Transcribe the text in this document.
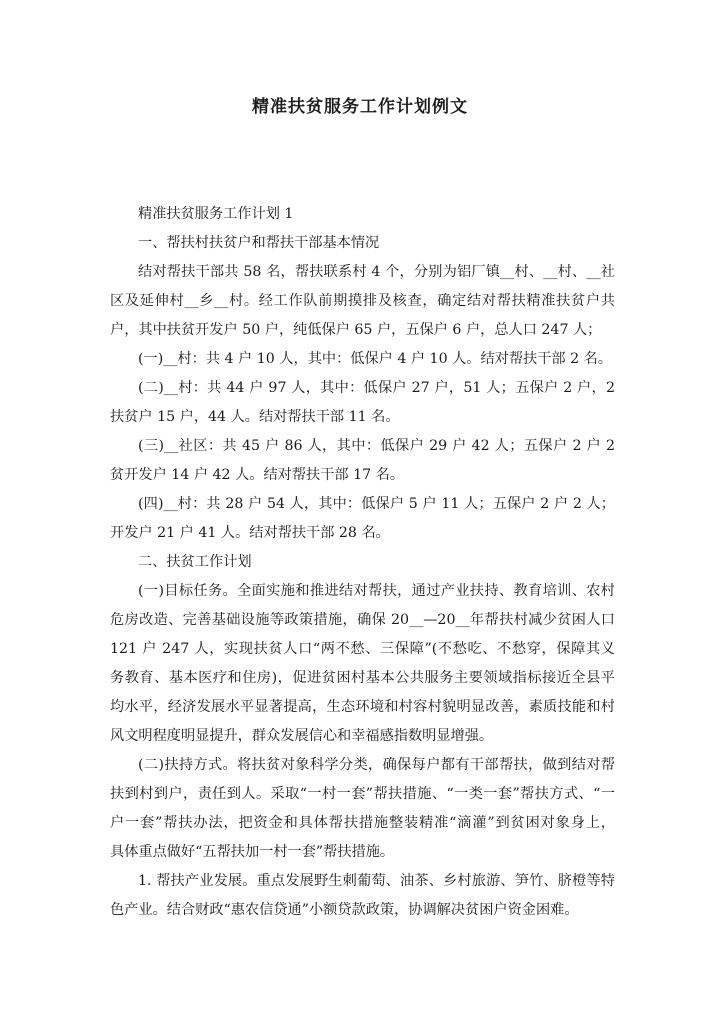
精准扶贫服务工作计划例文
精准扶贫服务工作计划 1
一、帮扶村扶贫户和帮扶干部基本情况
结对帮扶干部共 58 名，帮扶联系村 4 个，分别为铝厂镇__村、__村、__社
区及延伸村__乡__村。经工作队前期摸排及核查，确定结对帮扶精准扶贫户共
户，其中扶贫开发户 50 户，纯低保户 65 户，五保户 6 户，总人口 247 人；
(一)__村：共 4 户 10 人，其中：低保户 4 户 10 人。结对帮扶干部 2 名。
(二)__村：共 44 户 97 人，其中：低保户 27 户，51 人；五保户 2 户，2
扶贫户 15 户，44 人。结对帮扶干部 11 名。
(三)__社区：共 45 户 86 人，其中：低保户 29 户 42 人；五保户 2 户 2
贫开发户 14 户 42 人。结对帮扶干部 17 名。
(四)__村：共 28 户 54 人，其中：低保户 5 户 11 人；五保户 2 户 2 人；
开发户 21 户 41 人。结对帮扶干部 28 名。
二、扶贫工作计划
(一)目标任务。全面实施和推进结对帮扶，通过产业扶持、教育培训、农村
危房改造、完善基础设施等政策措施，确保 20__—20__年帮扶村减少贫困人口
121 户 247 人，实现扶贫人口“两不愁、三保障”(不愁吃、不愁穿，保障其义
务教育、基本医疗和住房)，促进贫困村基本公共服务主要领域指标接近全县平
均水平，经济发展水平显著提高，生态环境和村容村貌明显改善，素质技能和村
风文明程度明显提升，群众发展信心和幸福感指数明显增强。
(二)扶持方式。将扶贫对象科学分类，确保每户都有干部帮扶，做到结对帮
扶到村到户，责任到人。采取“一村一套”帮扶措施、“一类一套”帮扶方式、“一
户一套”帮扶办法，把资金和具体帮扶措施整装精准“滴灌”到贫困对象身上，
具体重点做好“五帮扶加一村一套”帮扶措施。
1. 帮扶产业发展。重点发展野生刺葡萄、油茶、乡村旅游、笋竹、脐橙等特
色产业。结合财政“惠农信贷通”小额贷款政策，协调解决贫困户资金困难。
